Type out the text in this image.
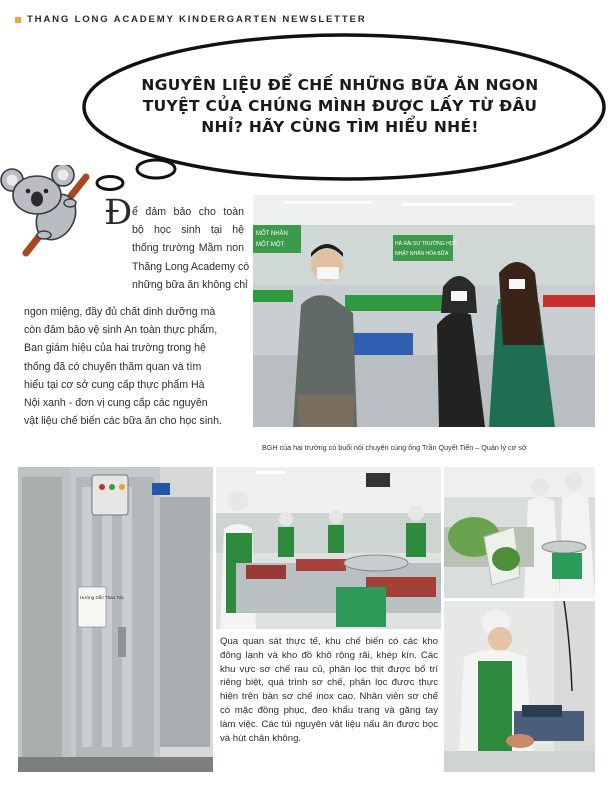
THANG LONG ACADEMY KINDERGARTEN NEWSLETTER
NGUYÊN LIỆU ĐỂ CHẾ NHỮNG BỮA ĂN NGON
TUYỆT CỦA CHÚNG MÌNH ĐƯỢC LẤY TỪ ĐÂU
NHỈ? HÃY CÙNG TÌM HIỂU NHÉ!
Đ ể đảm bảo cho toàn
bộ học sinh tại hệ
thống trường Mầm non
Thăng Long Academy có
những bữa ăn không chỉ
ngon miệng, đầy đủ chất dinh dưỡng mà
còn đảm bảo vệ sinh An toàn thực phẩm,
Ban giám hiệu của hai trường trong hệ
thống đã có chuyến thăm quan và tìm
hiểu tại cơ sở cung cấp thực phẩm Hà
Nội xanh - đơn vị cung cấp các nguyên
vật liệu chế biến các bữa ăn cho học sinh.
MỐT NHÂN
MỐT MỘT	HÀ RÀI SƯ TRƯỜNG HỌC
NHẬT NHÂN HÓA BỮA
BGH của hai trường có buổi nói chuyện cùng ông Trần Quyết Tiến – Quản lý cơ sở
Hướng Dẫn Thao Tác
Qua quan sát thực tế, khu chế biến có các kho đông lạnh và kho đồ khô rộng rãi, khép kín. Các khu vực sơ chế rau củ, phân lọc thịt được bố trí riêng biệt, quá trình sơ chế, phân lọc được thực hiện trên bàn sơ chế inox cao. Nhân viên sơ chế có mặc đồng phục, đeo khẩu trang và găng tay làm việc. Các túi nguyên vật liệu nấu ăn được bọc và hút chân không.
